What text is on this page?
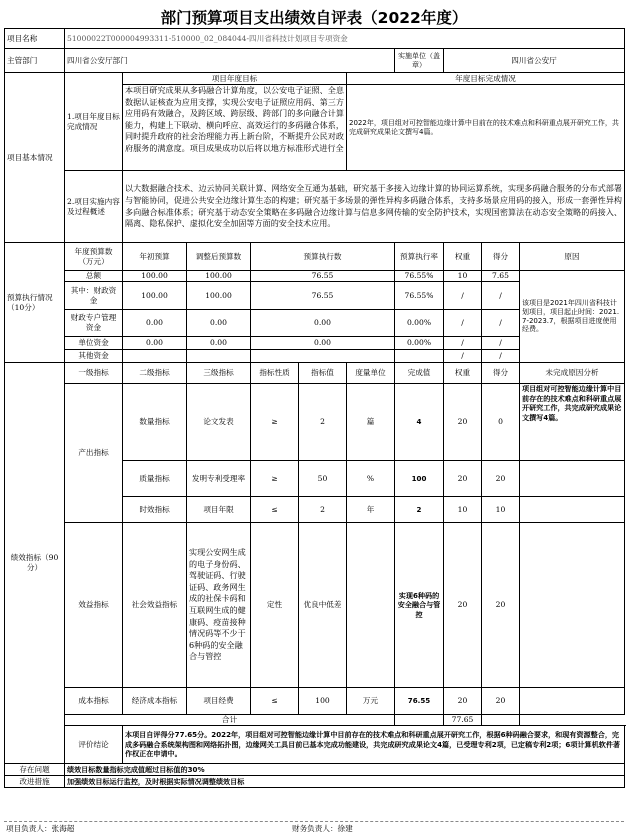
部门预算项目支出绩效自评表（2022年度）
项目名称	51000022T000004993311-510000_02_084044-四川省科技计划项目专项资金									
主管部门	四川省公安厅部门						实施单位（盖章）	四川省公安厅		
项目基本情况	1.项目年度目标完成情况	项目年度目标				年度目标完成情况				
		本项目研究成果从多码融合计算角度，以公安电子证照、全息数据认证核查为应用支撑，实现公安电子证照应用码、第三方应用码有效融合，及跨区域、跨层级、跨部门的多向融合计算能力，构建上下联动、横向呼应、高效运行的多码融合体系，同时提升政府的社会治理能力再上新台阶，不断提升公民对政府服务的满意度。项目成果成功以后将以地方标准形式进行全				2022年，项目组对可控智能边缘计算中目前在的技术难点和科研重点展开研究工作，共完成研究成果论文撰写4篇。				
	2.项目实施内容及过程概述	以大数据融合技术、边云协同关联计算、网络安全互通为基础，研究基于多接入边缘计算的协同运算系统，实现多码融合服务的分布式部署与智能协同，促进公共安全边缘计算生态的构建；研究基于多场景的弹性异构多码融合体系，支持多场景应用码的接入，形成一套弹性异构多向融合标准体系；研究基于动态安全策略在多码融合边缘计算与信息多网传输的安全防护技术，实现国密算法在动态安全策略的码接入、隔离、隐私保护、虚拟化安全加固等方面的安全技术应用。								
预算执行情况（10分）	年度预算数（万元）	年初预算	调整后预算数	预算执行数			预算执行率	权重	得分	原因
	总额	100.00	100.00	76.55			76.55%	10	7.65	该项目是2021年四川省科技计划项目，项目起止时间：2021.7-2023.7，根据项目进度使用经费。
	其中：财政资金	100.00	100.00	76.55			76.55%	/	/	
	财政专户管理资金	0.00	0.00	0.00			0.00%	/	/	
	单位资金	0.00	0.00	0.00			0.00%	/	/	
	其他资金							/	/	
绩效指标（90分）	一级指标	二级指标	三级指标	指标性质	指标值	度量单位	完成值	权重	得分	未完成原因分析
	产出指标	数量指标	论文发表	≥	2	篇	4	20	0	项目组对可控智能边缘计算中目前存在的技术难点和科研重点展开研究工作，共完成研究成果论文撰写4篇。
		质量指标	发明专利受理率	≥	50	%	100	20	20	
		时效指标	项目年限	≤	2	年	2	10	10	
	效益指标	社会效益指标	实现公安网生成的电子身份码、驾驶证码、行驶证码、政务网生成的社保卡码和互联网生成的健康码、疫苗接种情况码等不少于6种码的安全融合与管控	定性	优良中低差		实现6种码的安全融合与管控	20	20	
	成本指标	经济成本指标	项目经费	≤	100	万元	76.55	20	20	
	合计							77.65		
	评价结论	本项目自评得分77.65分。2022年，项目组对可控智能边缘计算中目前存在的技术难点和科研重点展开研究工作，根据6种码融合要求，和现有资源整合，完成多码融合系统架构图和网络拓扑图，边缘网关工具目前已基本完成功能建设，共完成研究成果论文4篇，已受理专利2项，已定稿专利2项；6项计算机软件著作权正在申请中。								
存在问题	绩效目标数量指标完成值超过目标值的30%									
改进措施	加强绩效目标运行监控，及时根据实际情况调整绩效目标									
项目负责人：张海超	财务负责人：徐建
